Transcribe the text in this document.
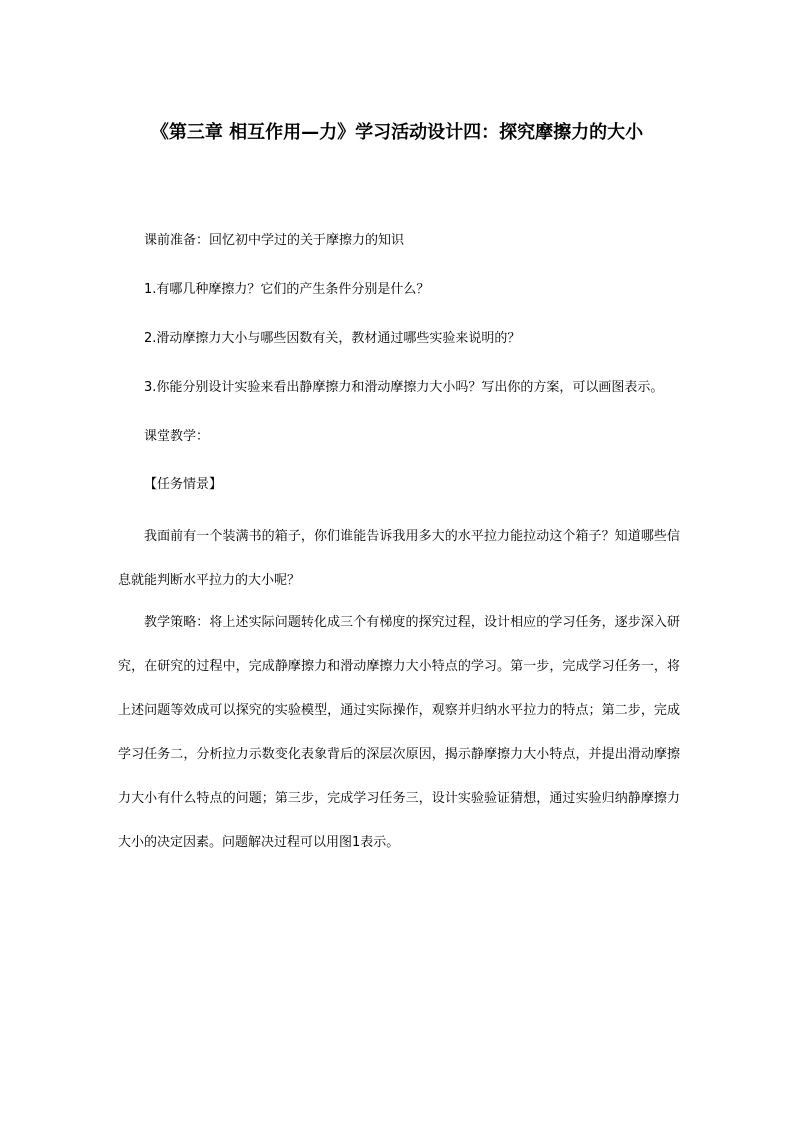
《第三章 相互作用—力》学习活动设计四：探究摩擦力的大小

课前准备：回忆初中学过的关于摩擦力的知识

1.有哪几种摩擦力？它们的产生条件分别是什么？

2.滑动摩擦力大小与哪些因数有关，教材通过哪些实验来说明的？

3.你能分别设计实验来看出静摩擦力和滑动摩擦力大小吗？写出你的方案，可以画图表示。

课堂教学：

【任务情景】

我面前有一个装满书的箱子，你们谁能告诉我用多大的水平拉力能拉动这个箱子？知道哪些信息就能判断水平拉力的大小呢？

教学策略：将上述实际问题转化成三个有梯度的探究过程，设计相应的学习任务，逐步深入研究，在研究的过程中，完成静摩擦力和滑动摩擦力大小特点的学习。第一步，完成学习任务一，将上述问题等效成可以探究的实验模型，通过实际操作，观察并归纳水平拉力的特点；第二步，完成学习任务二，分析拉力示数变化表象背后的深层次原因，揭示静摩擦力大小特点，并提出滑动摩擦力大小有什么特点的问题；第三步，完成学习任务三，设计实验验证猜想，通过实验归纳静摩擦力大小的决定因素。问题解决过程可以用图1表示。
